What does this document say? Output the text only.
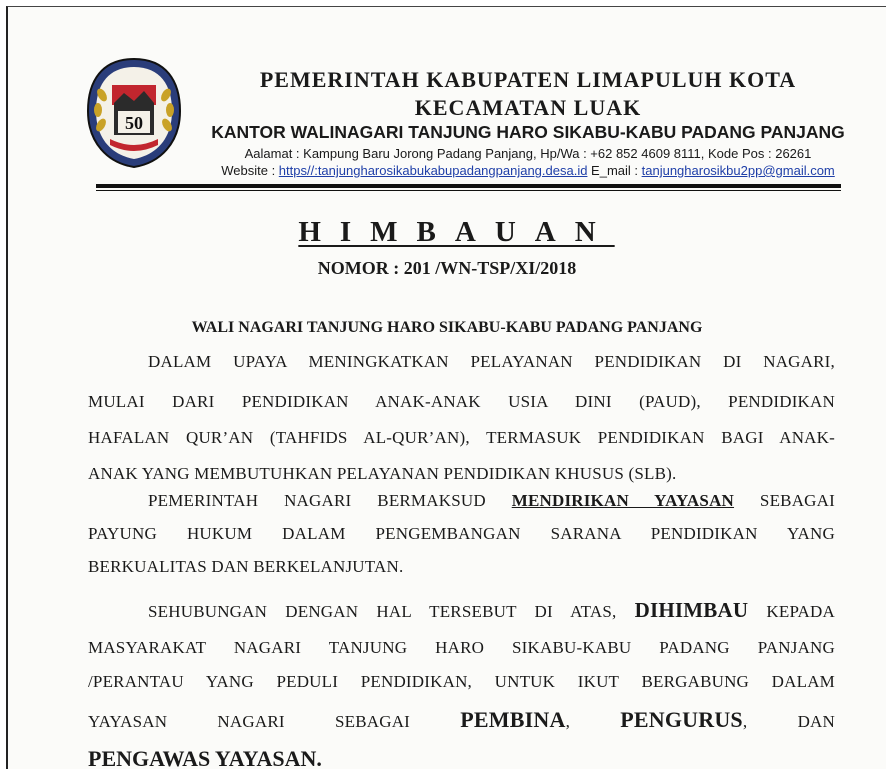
50
PEMERINTAH KABUPATEN LIMAPULUH KOTA
KECAMATAN LUAK
KANTOR WALINAGARI TANJUNG HARO SIKABU-KABU PADANG PANJANG
Aalamat : Kampung Baru Jorong Padang Panjang, Hp/Wa : +62 852 4609 8111, Kode Pos : 26261
Website : https//:tanjungharosikabukabupadangpanjang.desa.id E_mail : tanjungharosikbu2pp@gmail.com
HIMBAUAN
NOMOR : 201 /WN-TSP/XI/2018
WALI NAGARI TANJUNG HARO SIKABU-KABU PADANG PANJANG

DALAM UPAYA MENINGKATKAN PELAYANAN PENDIDIKAN DI NAGARI,

MULAI DARI PENDIDIKAN ANAK-ANAK USIA DINI (PAUD), PENDIDIKAN

HAFALAN QUR’AN (TAHFIDS AL-QUR’AN), TERMASUK PENDIDIKAN BAGI ANAK-

ANAK YANG MEMBUTUHKAN PELAYANAN PENDIDIKAN KHUSUS (SLB).

PEMERINTAH NAGARI BERMAKSUD MENDIRIKAN YAYASAN SEBAGAI

PAYUNG HUKUM DALAM PENGEMBANGAN SARANA PENDIDIKAN YANG

BERKUALITAS DAN BERKELANJUTAN.

SEHUBUNGAN DENGAN HAL TERSEBUT DI ATAS, DIHIMBAU KEPADA

MASYARAKAT NAGARI TANJUNG HARO SIKABU-KABU PADANG PANJANG

/PERANTAU YANG PEDULI PENDIDIKAN, UNTUK IKUT BERGABUNG DALAM

YAYASAN NAGARI SEBAGAI PEMBINA, PENGURUS,	DAN

PENGAWAS YAYASAN.
